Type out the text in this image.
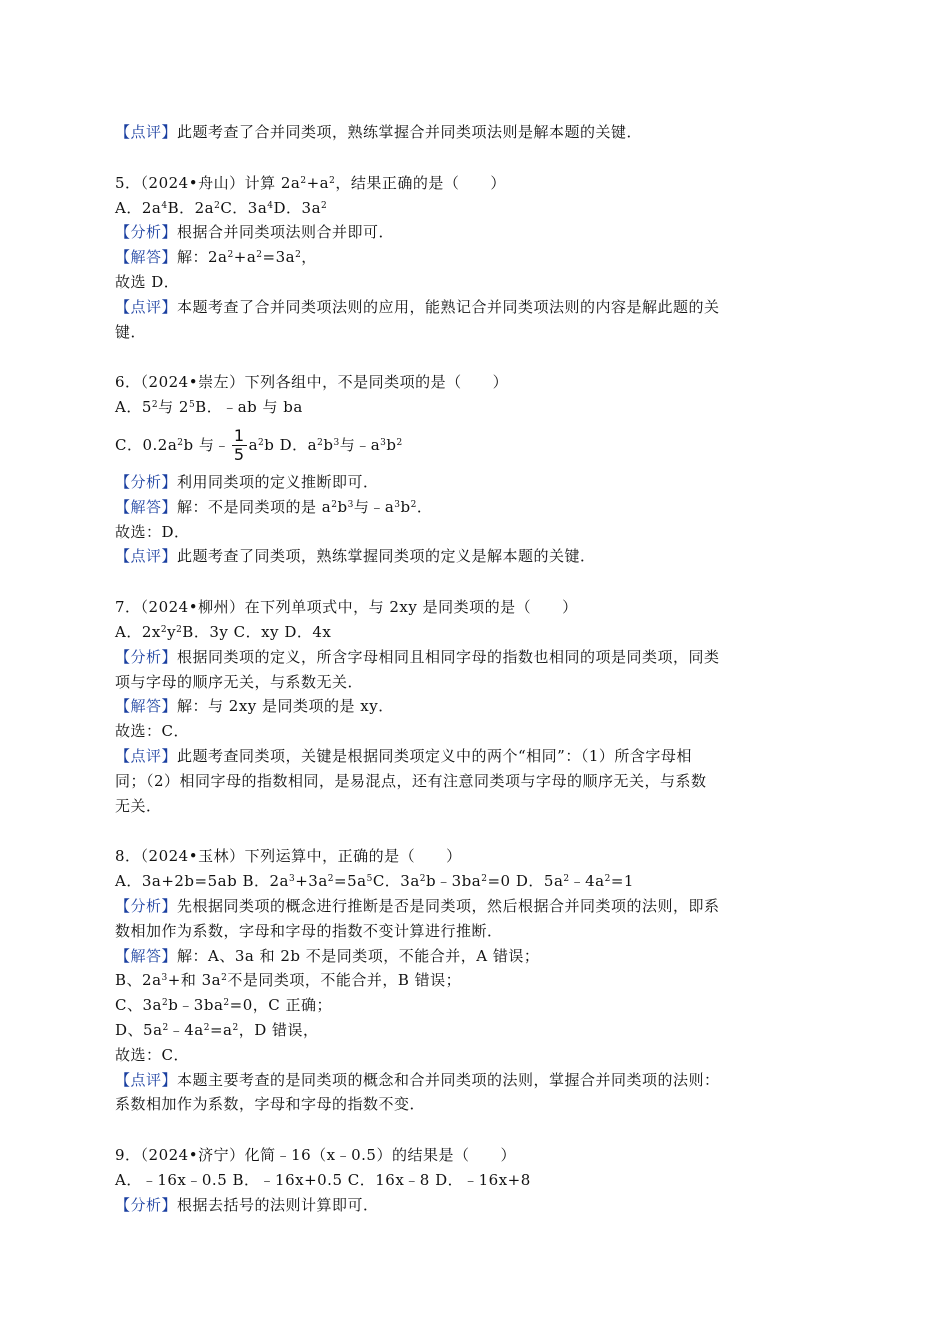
【点评】此题考查了合并同类项，熟练掌握合并同类项法则是解本题的关键．
5．（2024•舟山）计算 $2a^2+a^2$，结果正确的是（　　）
A．$2a^4B$．$2a^2C$．$3a^4D$．$3a^2$
【分析】根据合并同类项法则合并即可．
【解答】解：$2a^2+a^2=3a^2$，
故选 D．
【点评】本题考查了合并同类项法则的应用，能熟记合并同类项法则的内容是解此题的关
键．
6．（2024•崇左）下列各组中，不是同类项的是（　　）
A．$5^2$与 $2^5B$．﹣ab 与 ba
C．$0.2a^2b$ 与﹣ $\frac{1}{5} a^2b$ D．$a^2b^3$与$﹣a^3b^2$
【分析】利用同类项的定义推断即可．
【解答】解：不是同类项的是 $a^2b^3$与$﹣a^3b^2$．
故选：D．
【点评】此题考查了同类项，熟练掌握同类项的定义是解本题的关键．
7．（2024•柳州）在下列单项式中，与 2xy 是同类项的是（　　）
A．$2x^2y^2B$．3y C．xy D．4x
【分析】根据同类项的定义，所含字母相同且相同字母的指数也相同的项是同类项，同类
项与字母的顺序无关，与系数无关．
【解答】解：与 2xy 是同类项的是 xy．
故选：C．
【点评】此题考查同类项，关键是根据同类项定义中的两个“相同”：（1）所含字母相
同；（2）相同字母的指数相同，是易混点，还有注意同类项与字母的顺序无关，与系数
无关．
8．（2024•玉林）下列运算中，正确的是（　　）
A．3a+2b=5ab B．$2a^3+3a^2=5a^5C$．$3a^2b﹣3ba^2=0$ D．$5a^2﹣4a^2=1$
【分析】先根据同类项的概念进行推断是否是同类项，然后根据合并同类项的法则，即系
数相加作为系数，字母和字母的指数不变计算进行推断．
【解答】解：A、3a 和 2b 不是同类项，不能合并，A 错误；
B、$2a^3+$和 $3a^2$不是同类项，不能合并，B 错误；
C、$3a^2b﹣3ba^2=0$，C 正确；
D、$5a^2﹣4a^2=a^2$，D 错误，
故选：C．
【点评】本题主要考查的是同类项的概念和合并同类项的法则，掌握合并同类项的法则：
系数相加作为系数，字母和字母的指数不变．
9．（2024•济宁）化简﹣16（x﹣0.5）的结果是（　　）
A．﹣16x﹣0.5 B．﹣16x+0.5 C．16x﹣8 D．﹣16x+8
【分析】根据去括号的法则计算即可．
